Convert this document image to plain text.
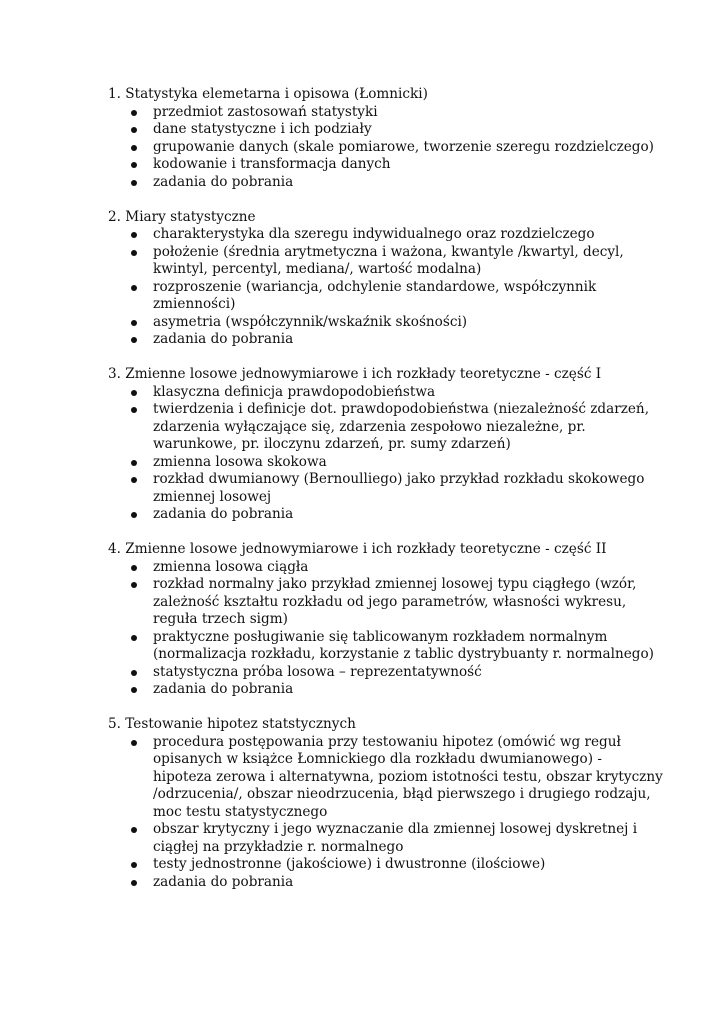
1. Statystyka elemetarna i opisowa (Łomnicki)
przedmiot zastosowań statystyki
dane statystyczne i ich podziały
grupowanie danych (skale pomiarowe, tworzenie szeregu rozdzielczego)
kodowanie i transformacja danych
zadania do pobrania
2. Miary statystyczne
charakterystyka dla szeregu indywidualnego oraz rozdzielczego
położenie (średnia arytmetyczna i ważona, kwantyle /kwartyl, decyl,
kwintyl, percentyl, mediana/, wartość modalna)
rozproszenie (wariancja, odchylenie standardowe, współczynnik
zmienności)
asymetria (współczynnik/wskaźnik skośności)
zadania do pobrania
3. Zmienne losowe jednowymiarowe i ich rozkłady teoretyczne - część I
klasyczna definicja prawdopodobieństwa
twierdzenia i definicje dot. prawdopodobieństwa (niezależność zdarzeń,
zdarzenia wyłączające się, zdarzenia zespołowo niezależne, pr.
warunkowe, pr. iloczynu zdarzeń, pr. sumy zdarzeń)
zmienna losowa skokowa
rozkład dwumianowy (Bernoulliego) jako przykład rozkładu skokowego
zmiennej losowej
zadania do pobrania
4. Zmienne losowe jednowymiarowe i ich rozkłady teoretyczne - część II
zmienna losowa ciągła
rozkład normalny jako przykład zmiennej losowej typu ciągłego (wzór,
zależność kształtu rozkładu od jego parametrów, własności wykresu,
reguła trzech sigm)
praktyczne posługiwanie się tablicowanym rozkładem normalnym
(normalizacja rozkładu, korzystanie z tablic dystrybuanty r. normalnego)
statystyczna próba losowa – reprezentatywność
zadania do pobrania
5. Testowanie hipotez statstycznych
procedura postępowania przy testowaniu hipotez (omówić wg reguł
opisanych w książce Łomnickiego dla rozkładu dwumianowego) -
hipoteza zerowa i alternatywna, poziom istotności testu, obszar krytyczny
/odrzucenia/, obszar nieodrzucenia, błąd pierwszego i drugiego rodzaju,
moc testu statystycznego
obszar krytyczny i jego wyznaczanie dla zmiennej losowej dyskretnej i
ciągłej na przykładzie r. normalnego
testy jednostronne (jakościowe) i dwustronne (ilościowe)
zadania do pobrania
